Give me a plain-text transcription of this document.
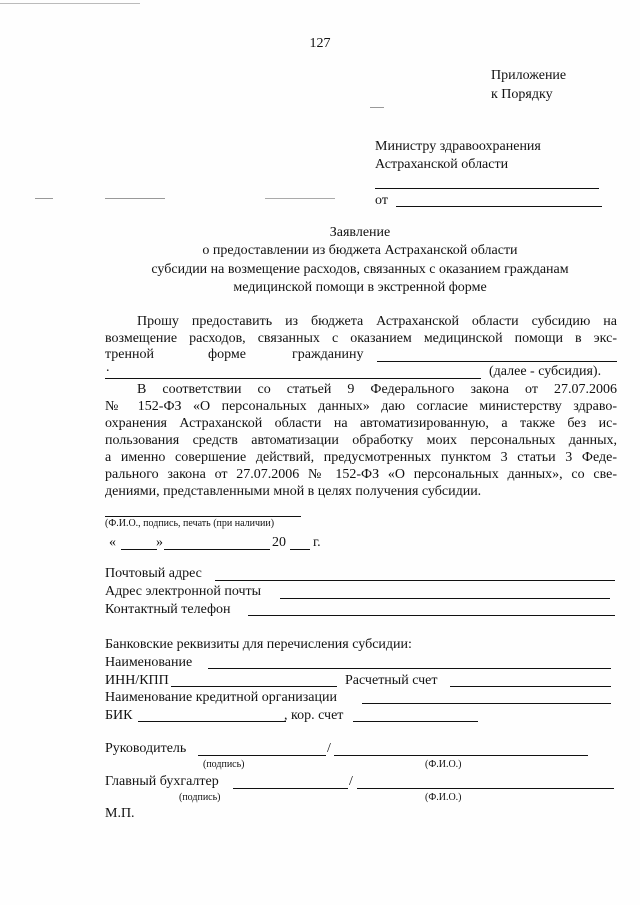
127
Приложение
к Порядку
Министру здравоохранения
Астраханской области
от
Заявление
о предоставлении из бюджета Астраханской области
субсидии на возмещение расходов, связанных с оказанием гражданам
медицинской помощи в экстренной форме
Прошу предоставить из бюджета Астраханской области субсидию на
возмещение расходов, связанных с оказанием медицинской помощи в экс-
тренной	форме	гражданину
.	(далее - субсидия).
В соответствии со статьей 9 Федерального закона от 27.07.2006
№ 152-ФЗ «О персональных данных» даю согласие министерству здраво-
охранения Астраханской области на автоматизированную, а также без ис-
пользования средств автоматизации обработку моих персональных данных,
а именно совершение действий, предусмотренных пунктом 3 статьи 3 Феде-
рального закона от 27.07.2006 № 152-ФЗ «О персональных данных», со све-
дениями, представленными мной в целях получения субсидии.
(Ф.И.О., подпись, печать (при наличии)
«	»	20 г.
Почтовый адрес
Адрес электронной почты
Контактный телефон
Банковские реквизиты для перечисления субсидии:
Наименование
ИНН/КПП	Расчетный счет
Наименование кредитной организации
БИК	, кор. счет
Руководитель	/
(подпись)	(Ф.И.О.)
Главный бухгалтер	/
(подпись)	(Ф.И.О.)
М.П.
